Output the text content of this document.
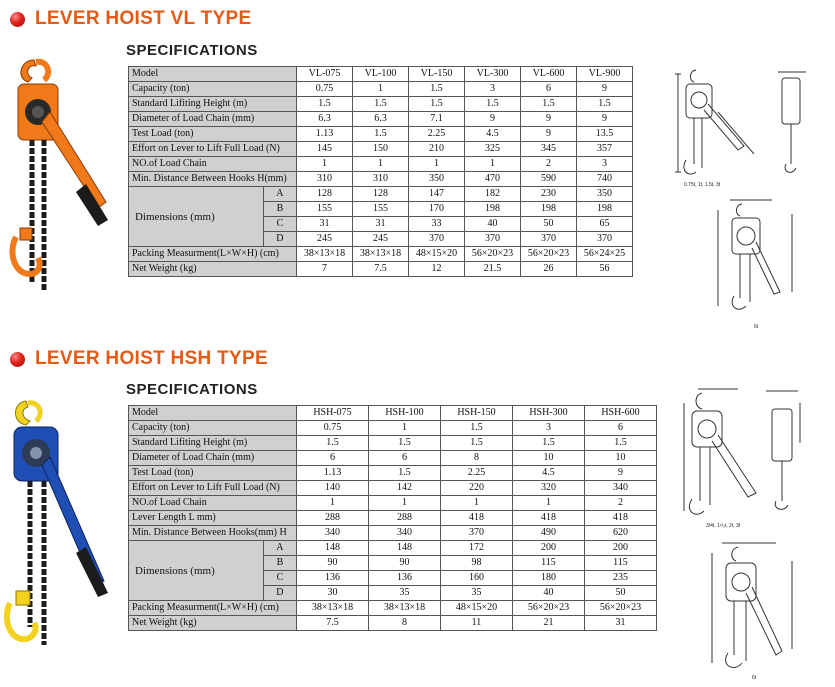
LEVER HOIST VL TYPE
SPECIFICATIONS
Model		VL-075	VL-100	VL-150	VL-300	VL-600	VL-900
Capacity (ton)		0.75	1	1.5	3	6	9
Standard Lifiting Height (m)		1.5	1.5	1.5	1.5	1.5	1.5
Diameter of Load Chain (mm)		6.3	6.3	7.1	9	9	9
Test Load (ton)		1.13	1.5	2.25	4.5	9	13.5
Effort on Lever to Lift Full Load (N)		145	150	210	325	345	357
NO.of Load Chain		1	1	1	1	2	3
Min. Distance Between Hooks H(mm)		310	310	350	470	590	740
Dimensions (mm)	A	128	128	147	182	230	350
	B	155	155	170	198	198	198
	C	31	31	33	40	50	65
	D	245	245	370	370	370	370
Packing Measurment(L×W×H) (cm)		38×13×18	38×13×18	48×15×20	56×20×23	56×20×23	56×24×25
Net Weight (kg)		7	7.5	12	21.5	26	56
0.75t, 1t, 1.5t, 3t
6t
LEVER HOIST HSH TYPE
SPECIFICATIONS
Model		HSH-075	HSH-100	HSH-150	HSH-300	HSH-600
Capacity (ton)		0.75	1	1.5	3	6
Standard Lifiting Height (m)		1.5	1.5	1.5	1.5	1.5
Diameter of Load Chain (mm)		6	6	8	10	10
Test Load (ton)		1.13	1.5	2.25	4.5	9
Effort on Lever to Lift Full Load (N)		140	142	220	320	340
NO.of Load Chain		1	1	1	1	2
Lever Length L mm)		288	288	418	418	418
Min. Distance Between Hooks(mm) H		340	340	370	490	620
Dimensions (mm)	A	148	148	172	200	200
	B	90	90	98	115	115
	C	136	136	160	180	235
	D	30	35	35	40	50
Packing Measurment(L×W×H) (cm)		38×13×18	38×13×18	48×15×20	56×20×23	56×20×23
Net Weight (kg)		7.5	8	11	21	31
3/4t, 1¹/₂t, 2t, 3t
6t
